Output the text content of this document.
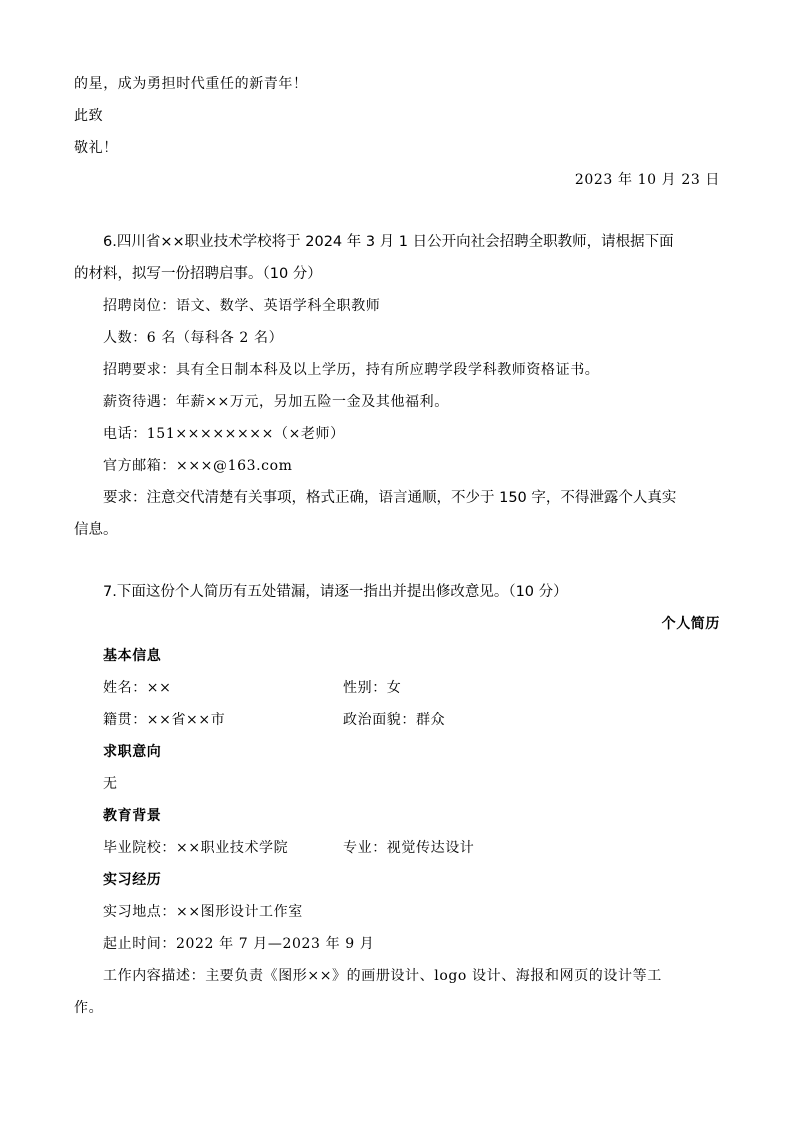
的星，成为勇担时代重任的新青年！
此致
敬礼！
2023 年 10 月 23 日
6.四川省××职业技术学校将于 2024 年 3 月 1 日公开向社会招聘全职教师，请根据下面
的材料，拟写一份招聘启事。（10 分）
招聘岗位：语文、数学、英语学科全职教师
人数：6 名（每科各 2 名）
招聘要求：具有全日制本科及以上学历，持有所应聘学段学科教师资格证书。
薪资待遇：年薪××万元，另加五险一金及其他福利。
电话：151××××××××（×老师）
官方邮箱：×××@163.com
要求：注意交代清楚有关事项，格式正确，语言通顺，不少于 150 字，不得泄露个人真实
信息。
7.下面这份个人简历有五处错漏，请逐一指出并提出修改意见。（10 分）
个人简历
基本信息
姓名：××	性别：女
籍贯：××省××市	政治面貌：群众
求职意向
无
教育背景
毕业院校：××职业技术学院	专业：视觉传达设计
实习经历
实习地点：××图形设计工作室
起止时间：2022 年 7 月—2023 年 9 月
工作内容描述：主要负责《图形××》的画册设计、logo 设计、海报和网页的设计等工
作。
